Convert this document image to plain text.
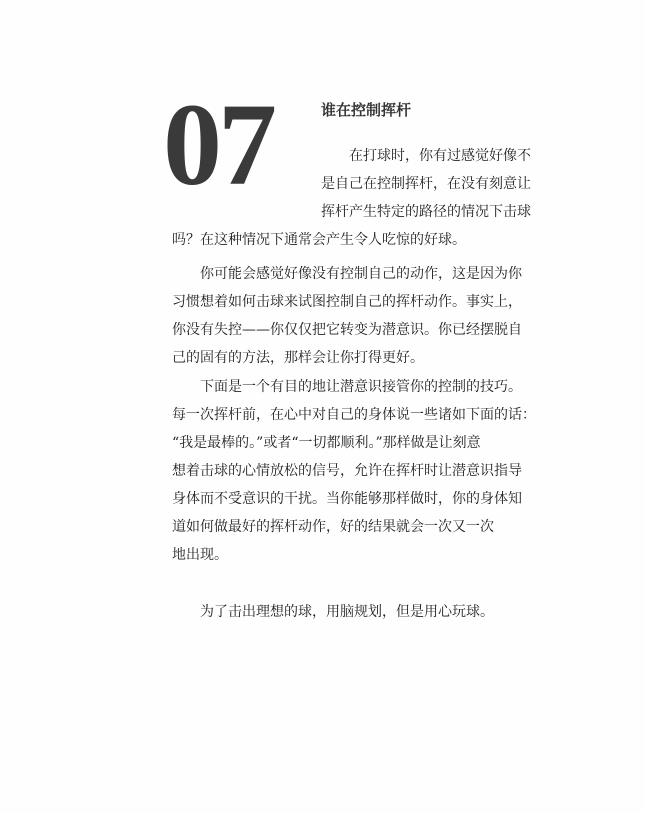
07	谁在控制挥杆
在打球时，你有过感觉好像不
是自己在控制挥杆，在没有刻意让
挥杆产生特定的路径的情况下击球
吗？在这种情况下通常会产生令人吃惊的好球。
你可能会感觉好像没有控制自己的动作，这是因为你
习惯想着如何击球来试图控制自己的挥杆动作。事实上，
你没有失控——你仅仅把它转变为潜意识。你已经摆脱自
己的固有的方法，那样会让你打得更好。
下面是一个有目的地让潜意识接管你的控制的技巧。
每一次挥杆前，在心中对自己的身体说一些诸如下面的话：
“我是最棒的。”或者“一切都顺利。”那样做是让刻意
想着击球的心情放松的信号，允许在挥杆时让潜意识指导
身体而不受意识的干扰。当你能够那样做时，你的身体知
道如何做最好的挥杆动作，好的结果就会一次又一次
地出现。
为了击出理想的球，用脑规划，但是用心玩球。
